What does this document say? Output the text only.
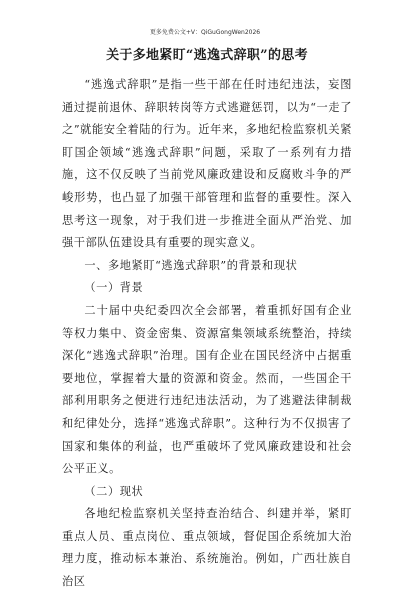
更多免费公文+V：QiGuGongWen2026
关于多地紧盯“逃逸式辞职”的思考

“逃逸式辞职”是指一些干部在任时违纪违法，妄图通过提前退休、辞职转岗等方式逃避惩罚，以为“一走了之”就能安全着陆的行为。近年来，多地纪检监察机关紧盯国企领域“逃逸式辞职”问题，采取了一系列有力措施，这不仅反映了当前党风廉政建设和反腐败斗争的严峻形势，也凸显了加强干部管理和监督的重要性。深入思考这一现象，对于我们进一步推进全面从严治党、加强干部队伍建设具有重要的现实意义。

一、多地紧盯“逃逸式辞职”的背景和现状

（一）背景

二十届中央纪委四次全会部署，着重抓好国有企业等权力集中、资金密集、资源富集领域系统整治，持续深化“逃逸式辞职”治理。国有企业在国民经济中占据重要地位，掌握着大量的资源和资金。然而，一些国企干部利用职务之便进行违纪违法活动，为了逃避法律制裁和纪律处分，选择“逃逸式辞职”。这种行为不仅损害了国家和集体的利益，也严重破坏了党风廉政建设和社会公平正义。

（二）现状

各地纪检监察机关坚持查治结合、纠建并举，紧盯重点人员、重点岗位、重点领域，督促国企系统加大治理力度，推动标本兼治、系统施治。例如，广西壮族自治区
